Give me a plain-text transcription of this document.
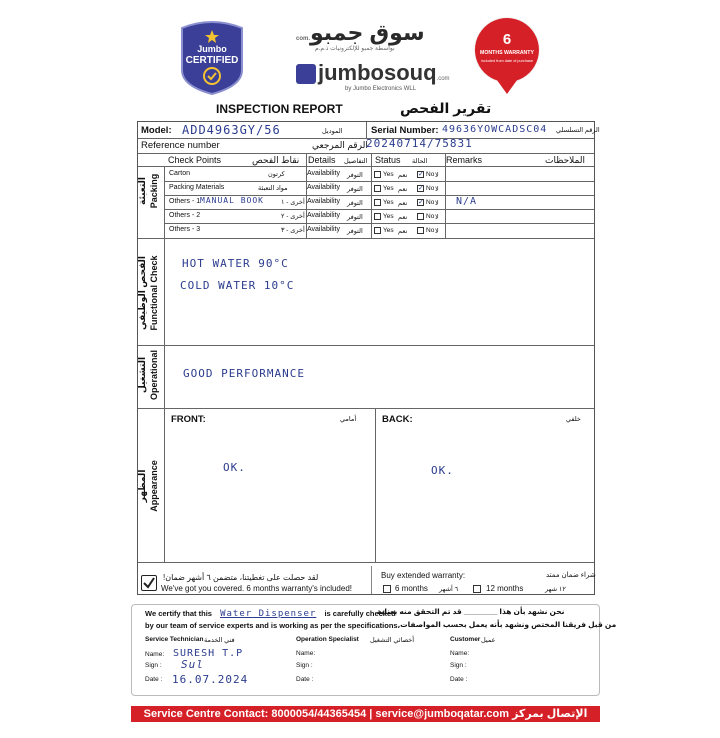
Jumbo
CERTIFIED
سوق جمبو.com
بواسطة جمبو للإلكترونيات ذ.م.م
jumbosouq.com
by Jumbo Electronics WLL
6
MONTHS WARRANTY
included from date of purchase
INSPECTION REPORT	تقرير الفحص
Model:	الموديل
ADD4963GY/56	Serial Number:	الرقم التسلسلي
49636YOWCADSC04
Reference number	الرقم المرجعي
20240714/75831
Check Points	نقاط الفحص Details التفاصيل Status الحالة Remarks	الملاحظات
التعبئة Packing
الفحص الوظيفي Functional Check
التشغيل Operational
المظهر Appearance
Carton	كرتون	Availability التوفر	Yes نعم ✓ No لا
Packing Materials	مواد التعبئة	Availability التوفر	Yes نعم ✓ No لا
Others - 1 MANUAL BOOK	أخرى - ١ Availability التوفر	Yes نعم ✓ No لا N/A
Others - 2	أخرى - ٢ Availability التوفر	Yes نعم	No لا
Others - 3	أخرى - ٣ Availability التوفر	Yes نعم	No لا
HOT WATER 90°C
COLD WATER 10°C
GOOD PERFORMANCE
FRONT:	أمامي
OK.
BACK:	خلفي
OK.
لقد حصلت على تغطيتنا، متضمن ٦ أشهر ضمان!
We've got you covered. 6 months warranty's included!
Buy extended warranty:	شراء ضمان ممتد
6 months ٦ أشهر	12 months	١٢ شهر
We certify that this Water Dispenser is carefully checked
by our team of service experts and is working as per the specifications.
نحن نشهد بأن هذا ________ قد تم التحقق منه بعناية
من قبل فريقنا المختص ونشهد بأنه يعمل بحسب المواصفات.
Service Technician فني الخدمة
Name: SURESH T.P
Sign : Sul
Date : 16.07.2024
Operation Specialist أخصائي التشغيل
Name:
Sign :
Date :
Customer عميل
Name:
Sign :
Date :
Service Centre Contact: 8000054/44365454 | service@jumboqatar.com الإتصال بمركز الخدمة:
